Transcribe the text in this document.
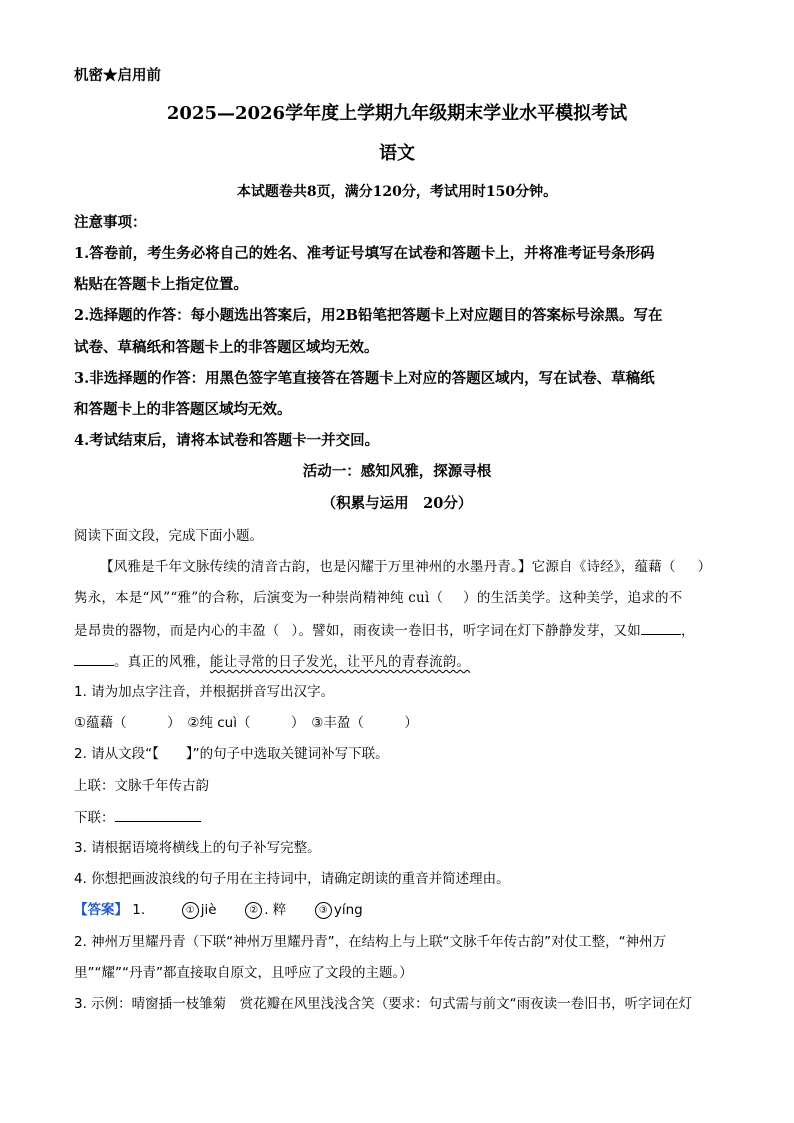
机密★启用前
2025—2026学年度上学期九年级期末学业水平模拟考试
语文
本试题卷共8页，满分120分，考试用时150分钟。
注意事项：
1.答卷前，考生务必将自己的姓名、准考证号填写在试卷和答题卡上，并将准考证号条形码
粘贴在答题卡上指定位置。
2.选择题的作答：每小题选出答案后，用2B铅笔把答题卡上对应题目的答案标号涂黑。写在
试卷、草稿纸和答题卡上的非答题区域均无效。
3.非选择题的作答：用黑色签字笔直接答在答题卡上对应的答题区域内，写在试卷、草稿纸
和答题卡上的非答题区域均无效。
4.考试结束后，请将本试卷和答题卡一并交回。
活动一：感知风雅，探源寻根
（积累与运用　20分）
阅读下面文段，完成下面小题。
【风雅是千年文脉传续的清音古韵，也是闪耀于万里神州的水墨丹青。】它源自《诗经》，蕴藉（ ）
隽永，本是“风”“雅”的合称，后演变为一种崇尚精神纯 cuì（ ）的生活美学。这种美学，追求的不
是昂贵的器物，而是内心的丰盈（ ）。譬如，雨夜读一卷旧书，听字词在灯下静静发芽，又如	，
。真正的风雅，能让寻常的日子发光，让平凡的青春流韵。
1. 请为加点字注音，并根据拼音写出汉字。
①蕴藉（　　　）　②纯 cuì（　　　）　③丰盈（　　　）
2. 请从文段“【　　】”的句子中选取关键词补写下联。
上联：文脉千年传古韵
下联：
3. 请根据语境将横线上的句子补写完整。
4. 你想把画波浪线的句子用在主持词中，请确定朗读的重音并简述理由。
【答案】 1.	① jiè	② . 粹	③ yíng
2. 神州万里耀丹青（下联“神州万里耀丹青”，在结构上与上联“文脉千年传古韵”对仗工整，“神州万
里”“耀”“丹青”都直接取自原文，且呼应了文段的主题。）
3. 示例：晴窗插一枝雏菊　赏花瓣在风里浅浅含笑（要求：句式需与前文“雨夜读一卷旧书，听字词在灯
